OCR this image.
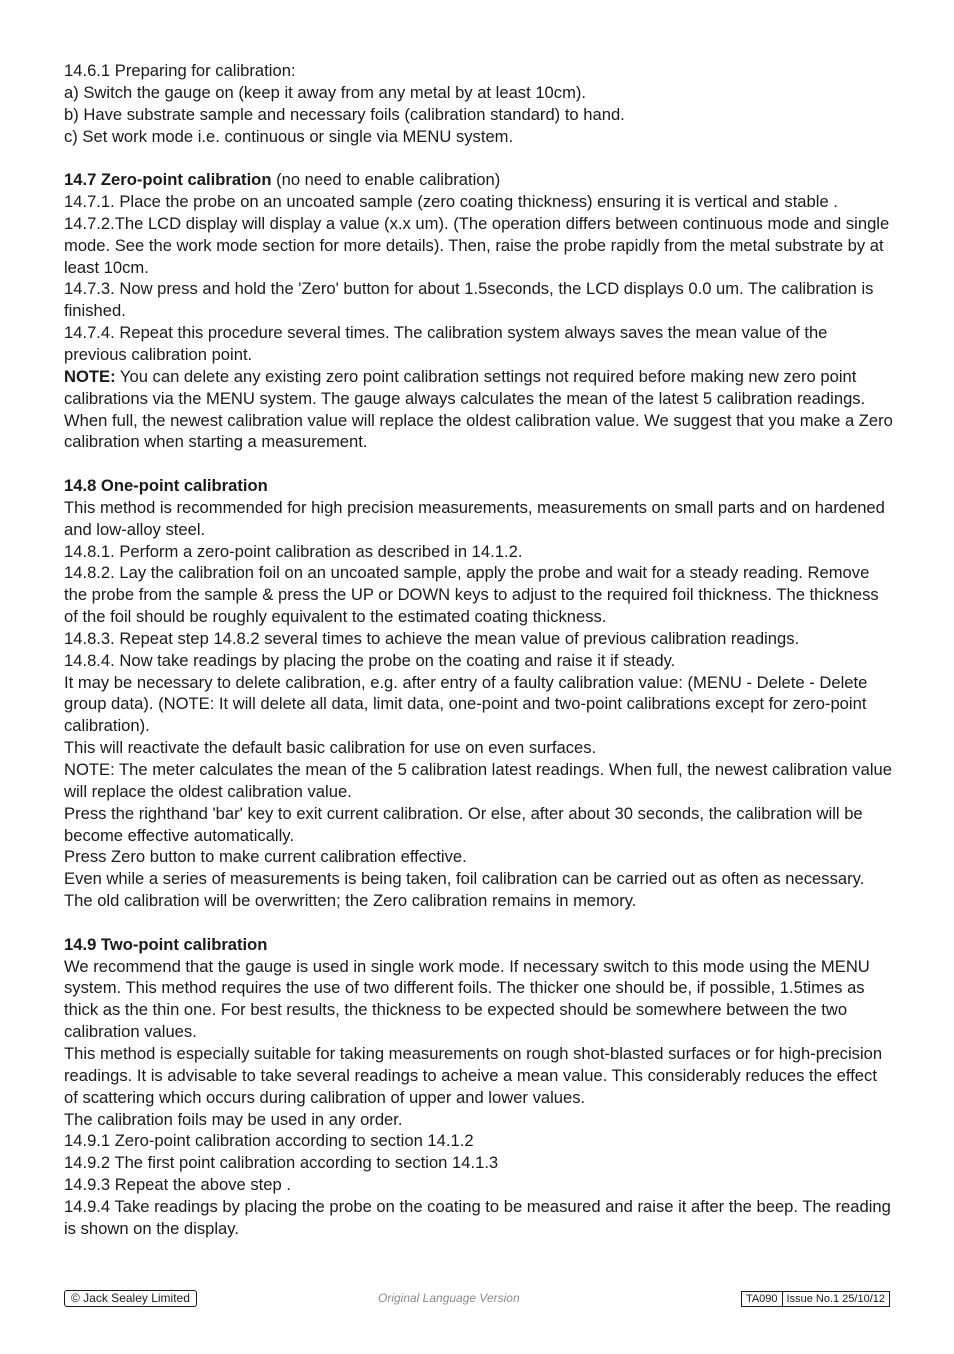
14.6.1 Preparing for calibration:

a) Switch the gauge on (keep it away from any metal by at least 10cm).

b) Have substrate sample and necessary foils (calibration standard) to hand.

c) Set work mode i.e. continuous or single via MENU system.

14.7 Zero-point calibration (no need to enable calibration)

14.7.1. Place the probe on an uncoated sample (zero coating thickness) ensuring it is vertical and stable .

14.7.2.The LCD display will display a value (x.x um). (The operation differs between continuous mode and single mode. See the work mode section for more details). Then, raise the probe rapidly from the metal substrate by at least 10cm.

14.7.3. Now press and hold the 'Zero' button for about 1.5seconds, the LCD displays 0.0 um. The calibration is finished.

14.7.4. Repeat this procedure several times. The calibration system always saves the mean value of the previous calibration point.

NOTE: You can delete any existing zero point calibration settings not required before making new zero point calibrations via the MENU system. The gauge always calculates the mean of the latest 5 calibration readings. When full, the newest calibration value will replace the oldest calibration value. We suggest that you make a Zero calibration when starting a measurement.

14.8 One-point calibration

This method is recommended for high precision measurements, measurements on small parts and on hardened and low-alloy steel.

14.8.1. Perform a zero-point calibration as described in 14.1.2.

14.8.2. Lay the calibration foil on an uncoated sample, apply the probe and wait for a steady reading. Remove the probe from the sample & press the UP or DOWN keys to adjust to the required foil thickness. The thickness of the foil should be roughly equivalent to the estimated coating thickness.

14.8.3. Repeat step 14.8.2 several times to achieve the mean value of previous calibration readings.

14.8.4. Now take readings by placing the probe on the coating and raise it if steady.

It may be necessary to delete calibration, e.g. after entry of a faulty calibration value: (MENU - Delete - Delete group data). (NOTE: It will delete all data, limit data, one-point and two-point calibrations except for zero-point calibration).

This will reactivate the default basic calibration for use on even surfaces.

NOTE: The meter calculates the mean of the 5 calibration latest readings. When full, the newest calibration value will replace the oldest calibration value.

Press the righthand 'bar' key to exit current calibration. Or else, after about 30 seconds, the calibration will be become effective automatically.

Press Zero button to make current calibration effective.

Even while a series of measurements is being taken, foil calibration can be carried out as often as necessary. The old calibration will be overwritten; the Zero calibration remains in memory.

14.9 Two-point calibration

We recommend that the gauge is used in single work mode. If necessary switch to this mode using the MENU system. This method requires the use of two different foils. The thicker one should be, if possible, 1.5times as thick as the thin one. For best results, the thickness to be expected should be somewhere between the two calibration values.

This method is especially suitable for taking measurements on rough shot-blasted surfaces or for high-precision readings. It is advisable to take several readings to acheive a mean value. This considerably reduces the effect of scattering which occurs during calibration of upper and lower values.

The calibration foils may be used in any order.

14.9.1 Zero-point calibration according to section 14.1.2

14.9.2 The first point calibration according to section 14.1.3

14.9.3 Repeat the above step .

14.9.4 Take readings by placing the probe on the coating to be measured and raise it after the beep. The reading is shown on the display.

© Jack Sealey Limited	Original Language Version	TA090 Issue No.1 25/10/12
